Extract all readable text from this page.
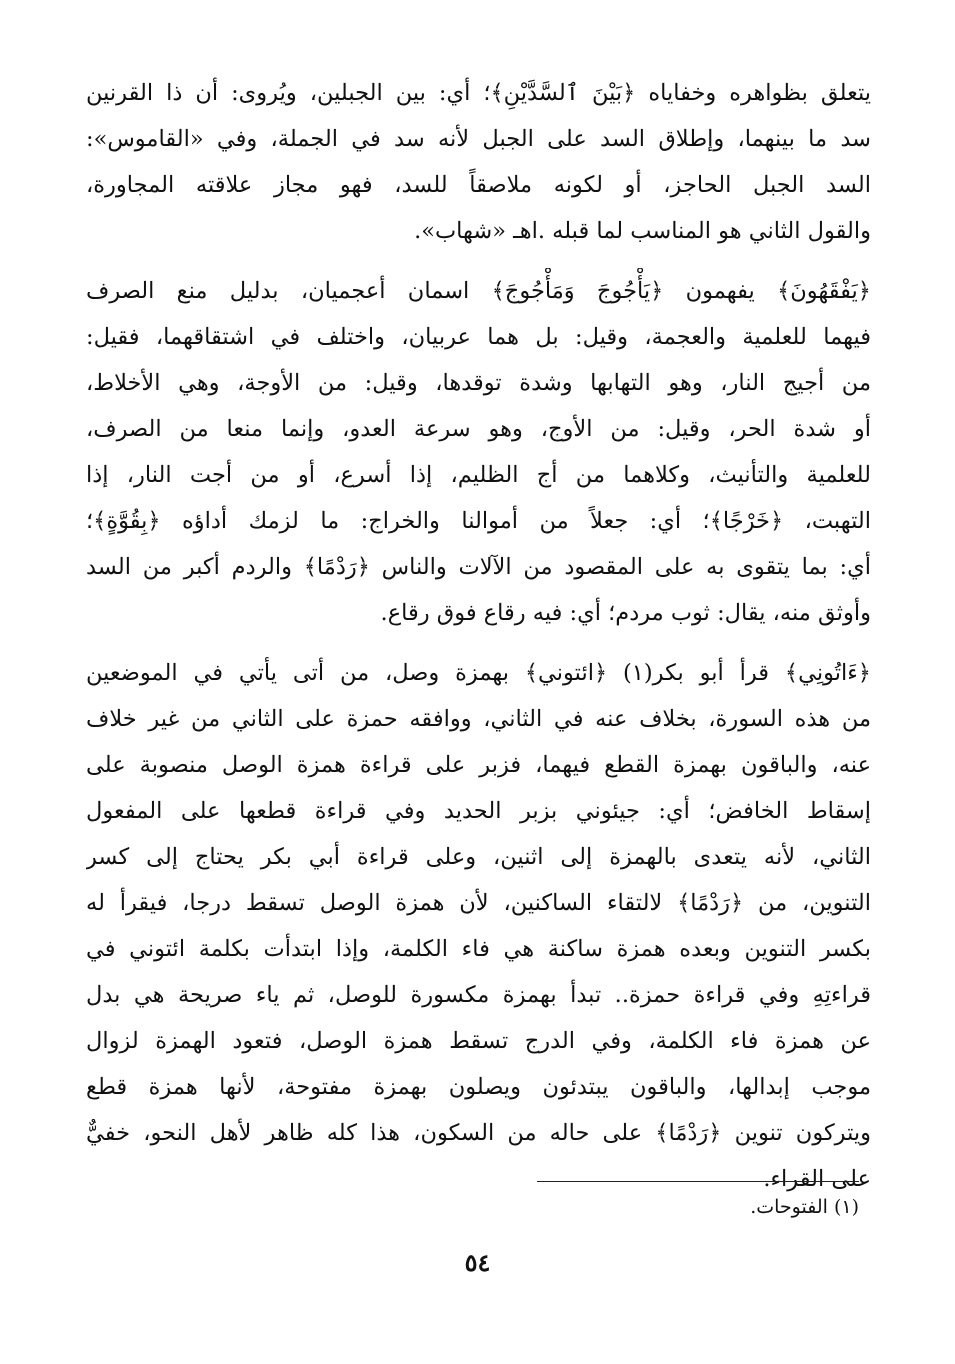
يتعلق بظواهره وخفاياه ﴿بَيْنَ ٱلسَّدَّيْنِ﴾؛ أي: بين الجبلين، ويُروى: أن ذا القرنين
سد ما بينهما، وإطلاق السد على الجبل لأنه سد في الجملة، وفي «القاموس»:
السد الجبل الحاجز، أو لكونه ملاصقاً للسد، فهو مجاز علاقته المجاورة،
والقول الثاني هو المناسب لما قبله .اهـ «شهاب».
﴿يَفْقَهُونَ﴾ يفهمون ﴿يَأْجُوجَ وَمَأْجُوجَ﴾ اسمان أعجميان، بدليل منع الصرف
فيهما للعلمية والعجمة، وقيل: بل هما عربيان، واختلف في اشتقاقهما، فقيل:
من أجيج النار، وهو التهابها وشدة توقدها، وقيل: من الأوجة، وهي الأخلاط،
أو شدة الحر، وقيل: من الأوج، وهو سرعة العدو، وإنما منعا من الصرف،
للعلمية والتأنيث، وكلاهما من أج الظليم، إذا أسرع، أو من أجت النار، إذا
التهبت، ﴿خَرْجًا﴾؛ أي: جعلاً من أموالنا والخراج: ما لزمك أداؤه ﴿بِقُوَّةٍ﴾؛
أي: بما يتقوى به على المقصود من الآلات والناس ﴿رَدْمًا﴾ والردم أكبر من السد
وأوثق منه، يقال: ثوب مردم؛ أي: فيه رقاع فوق رقاع.
﴿ءَاتُونِي﴾ قرأ أبو بكر(١) ﴿ائتوني﴾ بهمزة وصل، من أتى يأتي في الموضعين
من هذه السورة، بخلاف عنه في الثاني، ووافقه حمزة على الثاني من غير خلاف
عنه، والباقون بهمزة القطع فيهما، فزبر على قراءة همزة الوصل منصوبة على
إسقاط الخافض؛ أي: جيئوني بزبر الحديد وفي قراءة قطعها على المفعول
الثاني، لأنه يتعدى بالهمزة إلى اثنين، وعلى قراءة أبي بكر يحتاج إلى كسر
التنوين، من ﴿رَدْمًا﴾ لالتقاء الساكنين، لأن همزة الوصل تسقط درجا، فيقرأ له
بكسر التنوين وبعده همزة ساكنة هي فاء الكلمة، وإذا ابتدأت بكلمة ائتوني في
قراءتِهِ وفي قراءة حمزة.. تبدأ بهمزة مكسورة للوصل، ثم ياء صريحة هي بدل
عن همزة فاء الكلمة، وفي الدرج تسقط همزة الوصل، فتعود الهمزة لزوال
موجب إبدالها، والباقون يبتدئون ويصلون بهمزة مفتوحة، لأنها همزة قطع
ويتركون تنوين ﴿رَدْمًا﴾ على حاله من السكون، هذا كله ظاهر لأهل النحو، خفيٌّ
على القراء.
(١) الفتوحات.
٥٤
